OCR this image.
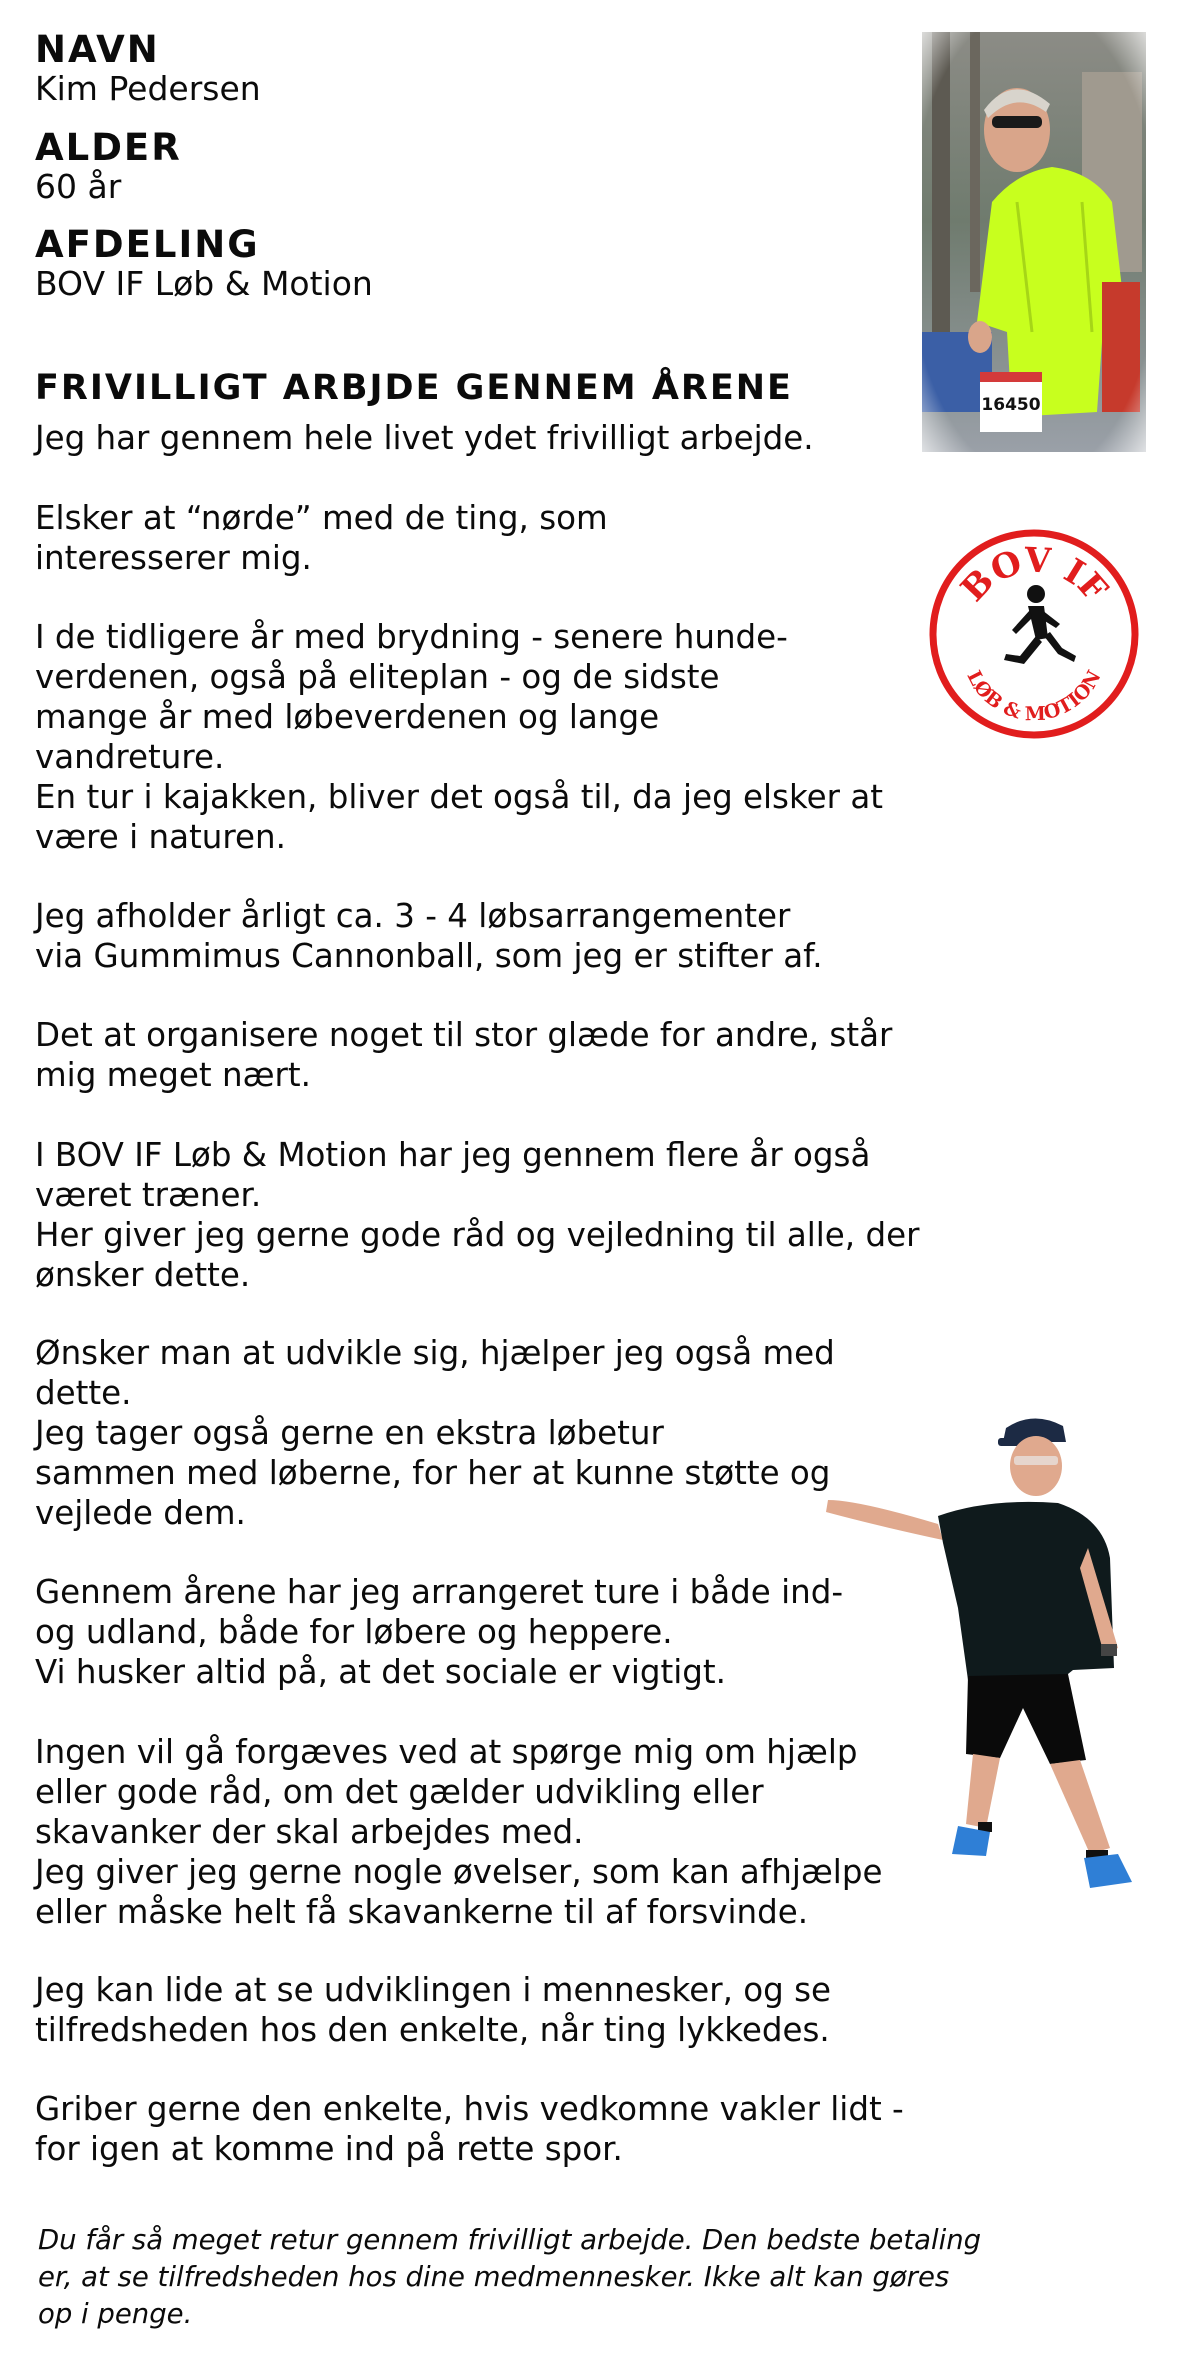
NAVN
Kim Pedersen
ALDER
60 år
AFDELING
BOV IF Løb & Motion
FRIVILLIGT ARBJDE GENNEM ÅRENE
Jeg har gennem hele livet ydet frivilligt arbejde.
Elsker at “nørde” med de ting, som
interesserer mig.
I de tidligere år med brydning - senere hunde-
verdenen, også på eliteplan - og de sidste
mange år med løbeverdenen og lange
vandreture.
En tur i kajakken, bliver det også til, da jeg elsker at
være i naturen.
Jeg afholder årligt ca. 3 - 4 løbsarrangementer
via Gummimus Cannonball, som jeg er stifter af.
Det at organisere noget til stor glæde for andre, står
mig meget nært.
I BOV IF Løb & Motion har jeg gennem flere år også
været træner.
Her giver jeg gerne gode råd og vejledning til alle, der
ønsker dette.
Ønsker man at udvikle sig, hjælper jeg også med
dette.
Jeg tager også gerne en ekstra løbetur
sammen med løberne, for her at kunne støtte og
vejlede dem.
Gennem årene har jeg arrangeret ture i både ind-
og udland, både for løbere og heppere.
Vi husker altid på, at det sociale er vigtigt.
Ingen vil gå forgæves ved at spørge mig om hjælp
eller gode råd, om det gælder udvikling eller
skavanker der skal arbejdes med.
Jeg giver jeg gerne nogle øvelser, som kan afhjælpe
eller måske helt få skavankerne til af forsvinde.
Jeg kan lide at se udviklingen i mennesker, og se
tilfredsheden hos den enkelte, når ting lykkedes.
Griber gerne den enkelte, hvis vedkomne vakler lidt -
for igen at komme ind på rette spor.
BOV IF
LØB & MOTION
Du får så meget retur gennem frivilligt arbejde. Den bedste betaling
er, at se tilfredsheden hos dine medmennesker. Ikke alt kan gøres
op i penge.
